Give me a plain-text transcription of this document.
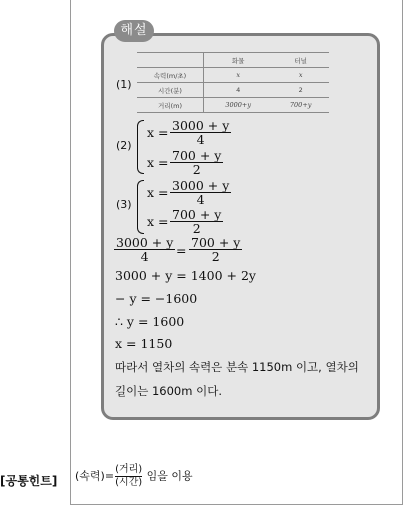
해설
(1)
	화물	터널
속력(m/초)	x	x
시간(분)	4	2
거리(m)	3000+y	700+y
(2)
$x = \frac{3000 + y}{4}$
$x = \frac{700 + y}{2}$
(3)
$x = \frac{3000 + y}{4}$
$x = \frac{700 + y}{2}$
$\frac{3000 + y}{4} = \frac{700 + y}{2}$
3000 + y = 1400 + 2y
− y = −1600
∴ y = 1600
x = 1150
따라서 열차의 속력은 분속 1150m 이고, 열차의
길이는 1600m 이다.
[공통힌트] (속력)= (거리)
(시간) 임을 이용
